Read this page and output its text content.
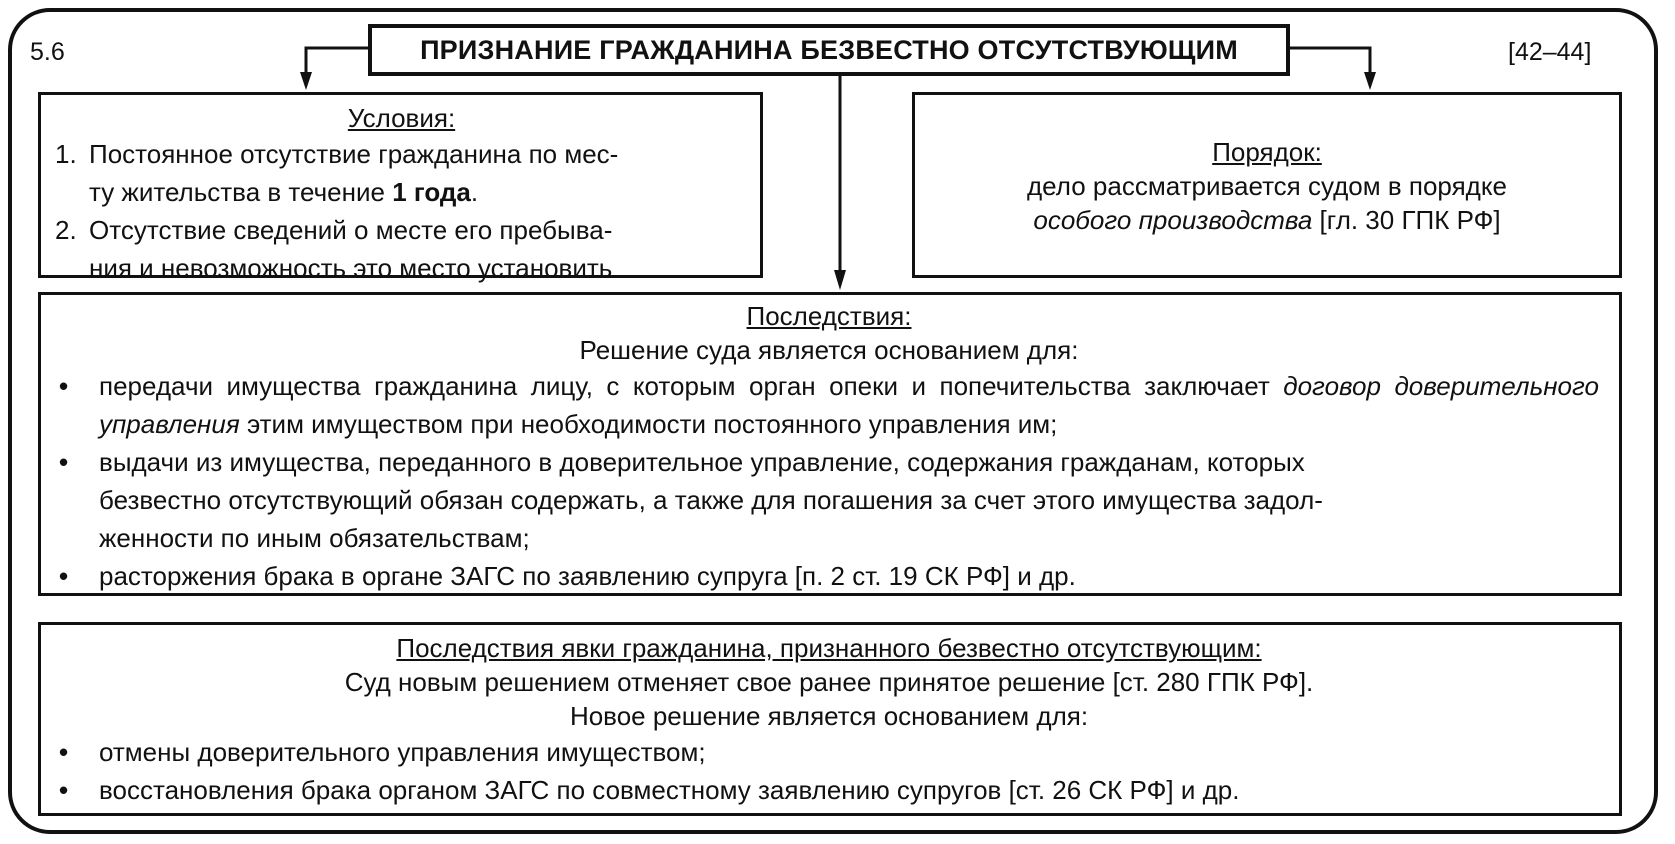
5.6	[42–44]
ПРИЗНАНИЕ ГРАЖДАНИНА БЕЗВЕСТНО ОТСУТСТВУЮЩИМ
Условия:
1. Постоянное отсутствие гражданина по мес-
ту жительства в течение 1 года.
2. Отсутствие сведений о месте его пребыва-
ния и невозможность это место установить
Порядок:
дело рассматривается судом в порядке
особого производства [гл. 30 ГПК РФ]
Последствия:
Решение суда является основанием для:
•	передачи имущества гражданина лицу, с которым орган опеки и попечительства заключает договор доверительного управления этим имуществом при необходимости постоянного управления им;
•	выдачи из имущества, переданного в доверительное управление, содержания гражданам, которых
безвестно отсутствующий обязан содержать, а также для погашения за счет этого имущества задол-
женности по иным обязательствам;
•	расторжения брака в органе ЗАГС по заявлению супруга [п. 2 ст. 19 СК РФ] и др.
Последствия явки гражданина, признанного безвестно отсутствующим:
Суд новым решением отменяет свое ранее принятое решение [ст. 280 ГПК РФ].
Новое решение является основанием для:
•	отмены доверительного управления имуществом;
•	восстановления брака органом ЗАГС по совместному заявлению супругов [ст. 26 СК РФ] и др.
